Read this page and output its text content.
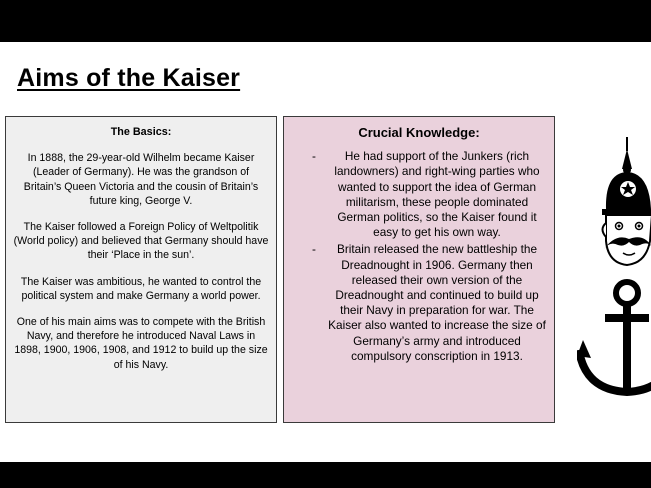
Aims of the Kaiser
The Basics:

In 1888, the 29-year-old Wilhelm became Kaiser (Leader of Germany). He was the grandson of Britain’s Queen Victoria and the cousin of Britain’s future king, George V.

The Kaiser followed a Foreign Policy of Weltpolitik (World policy) and believed that Germany should have their ‘Place in the sun’.

The Kaiser was ambitious, he wanted to control the political system and make Germany a world power.

One of his main aims was to compete with the British Navy, and therefore he introduced Naval Laws in 1898, 1900, 1906, 1908, and 1912 to build up the size of his Navy.

Crucial Knowledge:
- He had support of the Junkers (rich landowners) and right-wing parties who wanted to support the idea of German militarism, these people dominated German politics, so the Kaiser found it easy to get his own way.
- Britain released the new battleship the Dreadnought in 1906. Germany then released their own version of the Dreadnought and continued to build up their Navy in preparation for war. The Kaiser also wanted to increase the size of Germany’s army and introduced compulsory conscription in 1913.
